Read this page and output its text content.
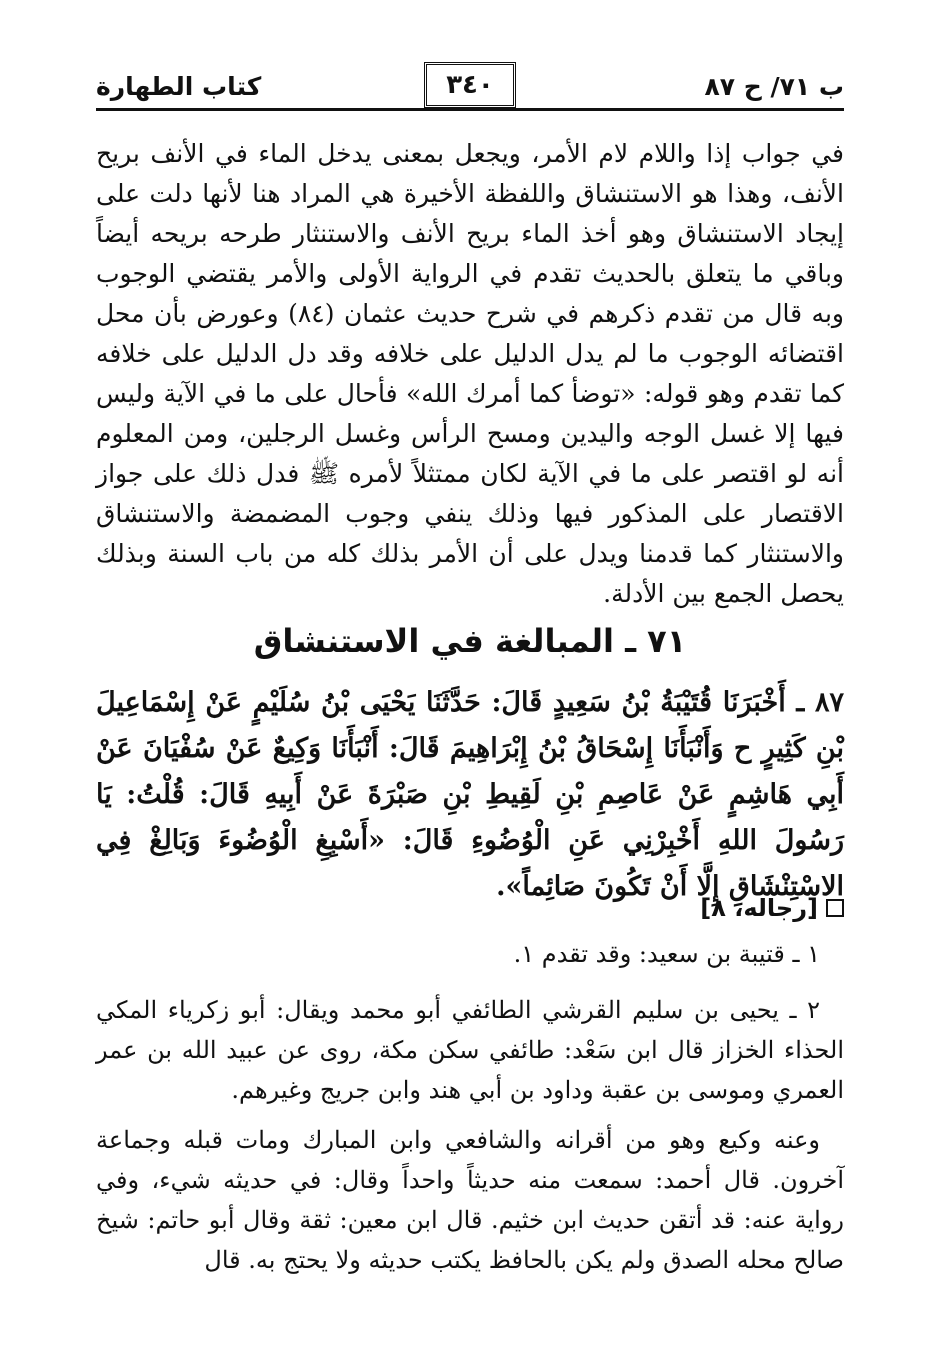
ب ٧١/ ح ٨٧
٣٤٠
كتاب الطهارة
في جواب إذا واللام لام الأمر، ويجعل بمعنى يدخل الماء في الأنف بريح الأنف، وهذا هو الاستنشاق واللفظة الأخيرة هي المراد هنا لأنها دلت على إيجاد الاستنشاق وهو أخذ الماء بريح الأنف والاستنثار طرحه بريحه أيضاً وباقي ما يتعلق بالحديث تقدم في الرواية الأولى والأمر يقتضي الوجوب وبه قال من تقدم ذكرهم في شرح حديث عثمان (٨٤) وعورض بأن محل اقتضائه الوجوب ما لم يدل الدليل على خلافه وقد دل الدليل على خلافه كما تقدم وهو قوله: «توضأ كما أمرك الله» فأحال على ما في الآية وليس فيها إلا غسل الوجه واليدين ومسح الرأس وغسل الرجلين، ومن المعلوم أنه لو اقتصر على ما في الآية لكان ممتثلاً لأمره ﷺ فدل ذلك على جواز الاقتصار على المذكور فيها وذلك ينفي وجوب المضمضة والاستنشاق والاستنثار كما قدمنا ويدل على أن الأمر بذلك كله من باب السنة وبذلك يحصل الجمع بين الأدلة.
٧١ ـ المبالغة في الاستنشاق
٨٧ ـ أَخْبَرَنَا قُتَيْبَةُ بْنُ سَعِيدٍ قَالَ: حَدَّثَنَا يَحْيَى بْنُ سُلَيْمٍ عَنْ إِسْمَاعِيلَ بْنِ كَثِيرٍ ح وَأَنْبَأَنَا إِسْحَاقُ بْنُ إِبْرَاهِيمَ قَالَ: أَنْبَأَنَا وَكِيعٌ عَنْ سُفْيَانَ عَنْ أَبِي هَاشِمٍ عَنْ عَاصِمِ بْنِ لَقِيطِ بْنِ صَبْرَةَ عَنْ أَبِيهِ قَالَ: قُلْتُ: يَا رَسُولَ اللهِ أَخْبِرْنِي عَنِ الْوُضُوءِ قَالَ: «أَسْبِغِ الْوُضُوءَ وَبَالِغْ فِي الاسْتِنْشَاقِ إِلَّا أَنْ تَكُونَ صَائِماً».
[رجاله، ٨]
١ ـ قتيبة بن سعيد: وقد تقدم ١.
٢ ـ يحيى بن سليم القرشي الطائفي أبو محمد ويقال: أبو زكرياء المكي الحذاء الخزاز قال ابن سَعْد: طائفي سكن مكة، روى عن عبيد الله بن عمر العمري وموسى بن عقبة وداود بن أبي هند وابن جريج وغيرهم.
وعنه وكيع وهو من أقرانه والشافعي وابن المبارك ومات قبله وجماعة آخرون. قال أحمد: سمعت منه حديثاً واحداً وقال: في حديثه شيء، وفي رواية عنه: قد أتقن حديث ابن خثيم. قال ابن معين: ثقة وقال أبو حاتم: شيخ صالح محله الصدق ولم يكن بالحافظ يكتب حديثه ولا يحتج به. قال
